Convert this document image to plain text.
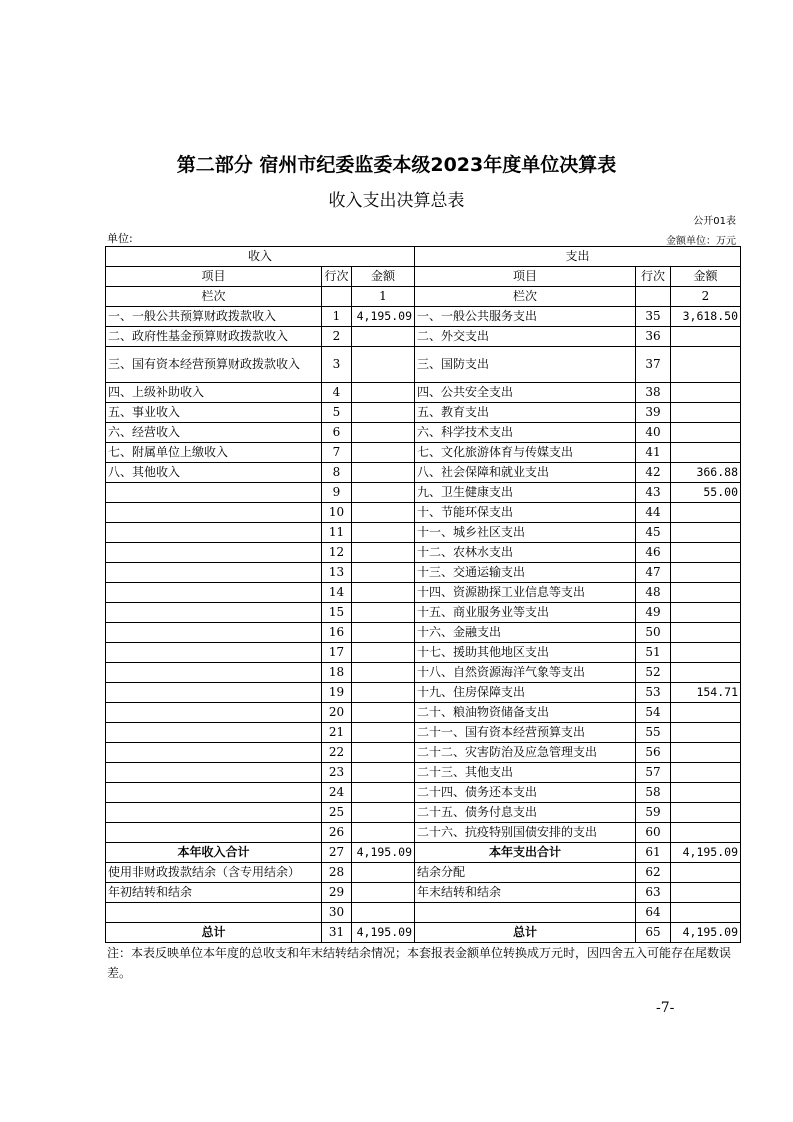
第二部分 宿州市纪委监委本级2023年度单位决算表
收入支出决算总表
公开01表
单位:	金额单位：万元
收入			支出		
项目	行次	金额	项目	行次	金额
栏次		1	栏次		2
一、一般公共预算财政拨款收入	1	4,195.09	一、一般公共服务支出	35	3,618.50
二、政府性基金预算财政拨款收入	2		二、外交支出	36	
三、国有资本经营预算财政拨款收入	3		三、国防支出	37	
四、上级补助收入	4		四、公共安全支出	38	
五、事业收入	5		五、教育支出	39	
六、经营收入	6		六、科学技术支出	40	
七、附属单位上缴收入	7		七、文化旅游体育与传媒支出	41	
八、其他收入	8		八、社会保障和就业支出	42	366.88
	9		九、卫生健康支出	43	55.00
	10		十、节能环保支出	44	
	11		十一、城乡社区支出	45	
	12		十二、农林水支出	46	
	13		十三、交通运输支出	47	
	14		十四、资源勘探工业信息等支出	48	
	15		十五、商业服务业等支出	49	
	16		十六、金融支出	50	
	17		十七、援助其他地区支出	51	
	18		十八、自然资源海洋气象等支出	52	
	19		十九、住房保障支出	53	154.71
	20		二十、粮油物资储备支出	54	
	21		二十一、国有资本经营预算支出	55	
	22		二十二、灾害防治及应急管理支出	56	
	23		二十三、其他支出	57	
	24		二十四、债务还本支出	58	
	25		二十五、债务付息支出	59	
	26		二十六、抗疫特别国债安排的支出	60	
本年收入合计	27	4,195.09	本年支出合计	61	4,195.09
使用非财政拨款结余（含专用结余）	28		结余分配	62	
年初结转和结余	29		年末结转和结余	63	
	30			64	
总计	31	4,195.09	总计	65	4,195.09
注：本表反映单位本年度的总收支和年末结转结余情况；本套报表金额单位转换成万元时，因四舍五入可能存在尾数误差。
-7-
